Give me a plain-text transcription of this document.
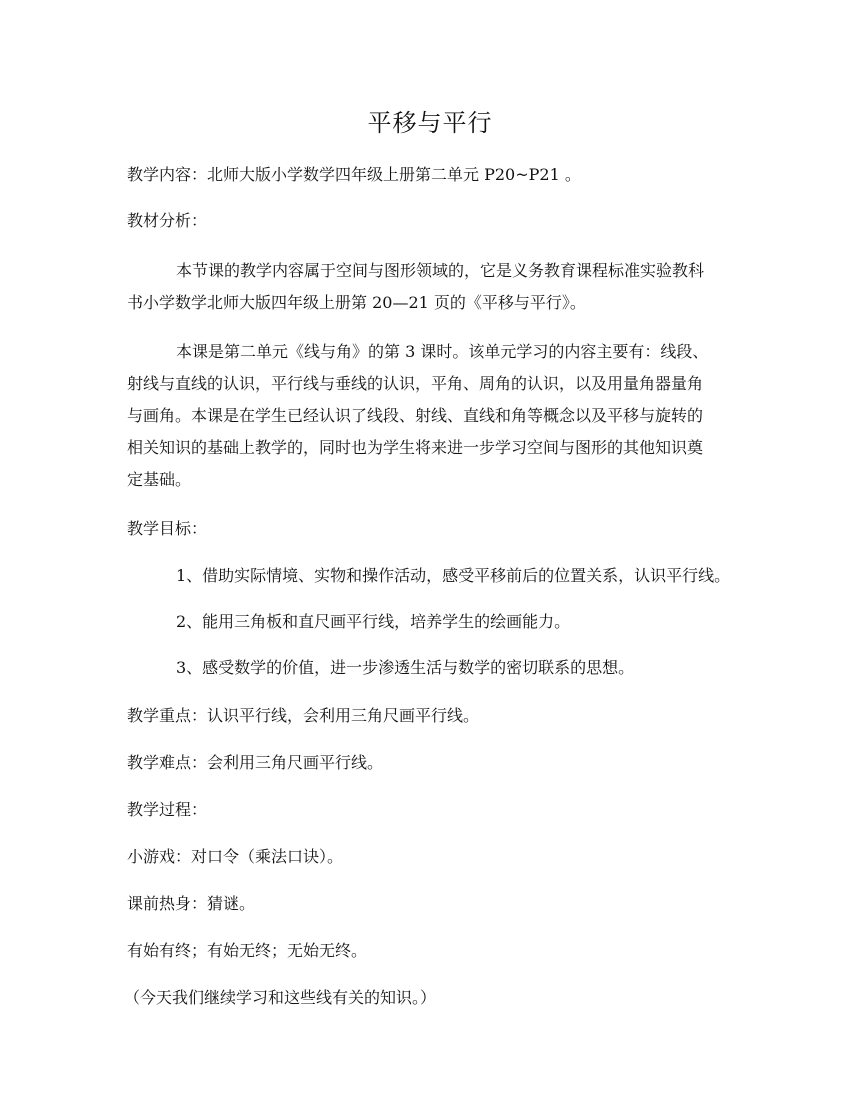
平移与平行
教学内容：北师大版小学数学四年级上册第二单元 P20~P21 。
教材分析：
本节课的教学内容属于空间与图形领域的，它是义务教育课程标准实验教科
书小学数学北师大版四年级上册第 20—21 页的《平移与平行》。
本课是第二单元《线与角》的第 3 课时。该单元学习的内容主要有：线段、
射线与直线的认识，平行线与垂线的认识，平角、周角的认识，以及用量角器量角
与画角。本课是在学生已经认识了线段、射线、直线和角等概念以及平移与旋转的
相关知识的基础上教学的，同时也为学生将来进一步学习空间与图形的其他知识奠
定基础。
教学目标：
1、借助实际情境、实物和操作活动，感受平移前后的位置关系，认识平行线。
2、能用三角板和直尺画平行线，培养学生的绘画能力。
3、感受数学的价值，进一步渗透生活与数学的密切联系的思想。
教学重点：认识平行线，会利用三角尺画平行线。
教学难点：会利用三角尺画平行线。
教学过程：
小游戏：对口令（乘法口诀）。
课前热身：猜谜。
有始有终；有始无终；无始无终。
（今天我们继续学习和这些线有关的知识。）
